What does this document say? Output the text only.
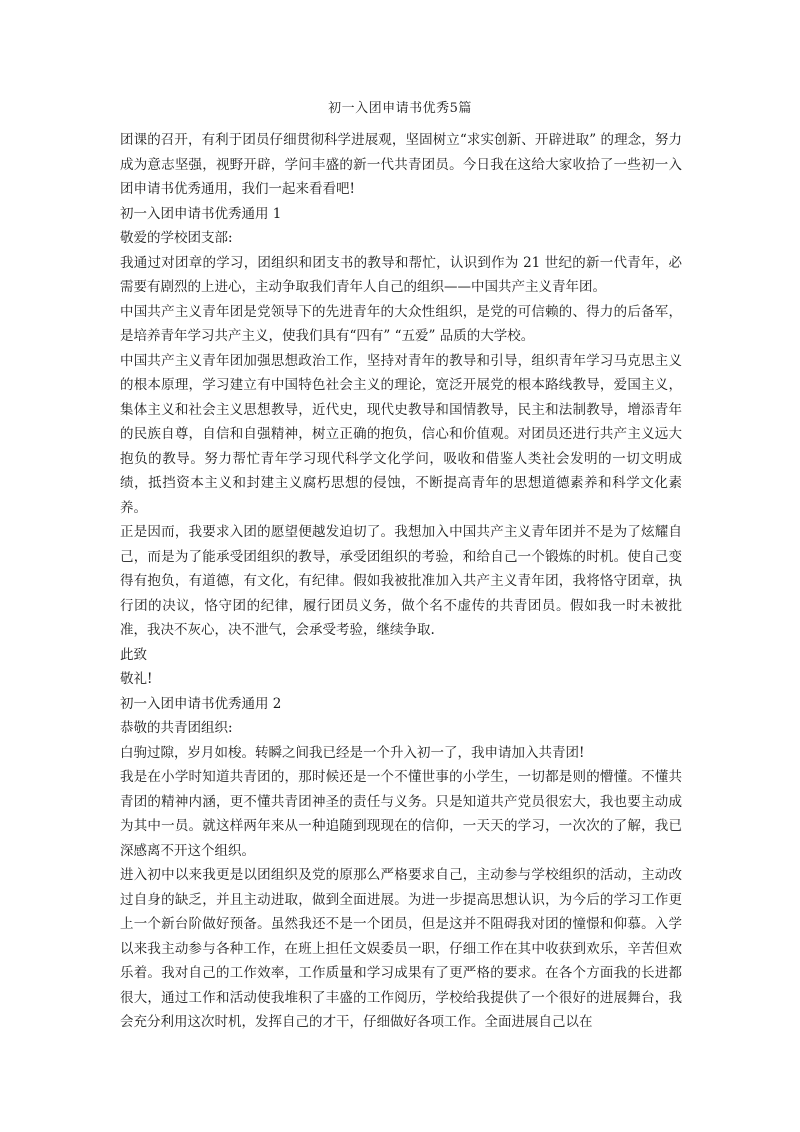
初一入团申请书优秀5篇

团课的召开，有利于团员仔细贯彻科学进展观，坚固树立“求实创新、开辟进取” 的理念，努力成为意志坚强，视野开辟，学问丰盛的新一代共青团员。今日我在这给大家收拾了一些初一入团申请书优秀通用，我们一起来看看吧!

初一入团申请书优秀通用 1

敬爱的学校团支部:

我通过对团章的学习，团组织和团支书的教导和帮忙，认识到作为 21 世纪的新一代青年，必需要有剧烈的上进心，主动争取我们青年人自己的组织——中国共产主义青年团。

中国共产主义青年团是党领导下的先进青年的大众性组织，是党的可信赖的、得力的后备军，是培养青年学习共产主义，使我们具有“四有” “五爱” 品质的大学校。

中国共产主义青年团加强思想政治工作，坚持对青年的教导和引导，组织青年学习马克思主义的根本原理，学习建立有中国特色社会主义的理论，宽泛开展党的根本路线教导，爱国主义，集体主义和社会主义思想教导，近代史，现代史教导和国情教导，民主和法制教导，增添青年的民族自尊，自信和自强精神，树立正确的抱负，信心和价值观。对团员还进行共产主义远大抱负的教导。努力帮忙青年学习现代科学文化学问，吸收和借鉴人类社会发明的一切文明成绩，抵挡资本主义和封建主义腐朽思想的侵蚀，不断提高青年的思想道德素养和科学文化素养。

正是因而，我要求入团的愿望便越发迫切了。我想加入中国共产主义青年团并不是为了炫耀自己，而是为了能承受团组织的教导，承受团组织的考验，和给自己一个锻炼的时机。使自己变得有抱负，有道德，有文化，有纪律。假如我被批准加入共产主义青年团，我将恪守团章，执行团的决议，恪守团的纪律，履行团员义务，做个名不虚传的共青团员。假如我一时未被批准，我决不灰心，决不泄气，会承受考验，继续争取.

此致

敬礼!

初一入团申请书优秀通用 2

恭敬的共青团组织:

白驹过隙，岁月如梭。转瞬之间我已经是一个升入初一了，我申请加入共青团!

我是在小学时知道共青团的，那时候还是一个不懂世事的小学生，一切都是则的懵懂。不懂共青团的精神内涵，更不懂共青团神圣的责任与义务。只是知道共产党员很宏大，我也要主动成为其中一员。就这样两年来从一种追随到现现在的信仰，一天天的学习，一次次的了解，我已深感离不开这个组织。

进入初中以来我更是以团组织及党的原那么严格要求自己，主动参与学校组织的活动，主动改过自身的缺乏，并且主动进取，做到全面进展。为进一步提高思想认识，为今后的学习工作更上一个新台阶做好预备。虽然我还不是一个团员，但是这并不阻碍我对团的憧憬和仰慕。入学以来我主动参与各种工作，在班上担任文娱委员一职，仔细工作在其中收获到欢乐，辛苦但欢乐着。我对自己的工作效率，工作质量和学习成果有了更严格的要求。在各个方面我的长进都很大，通过工作和活动使我堆积了丰盛的工作阅历，学校给我提供了一个很好的进展舞台，我会充分利用这次时机，发挥自己的才干，仔细做好各项工作。全面进展自己以在
